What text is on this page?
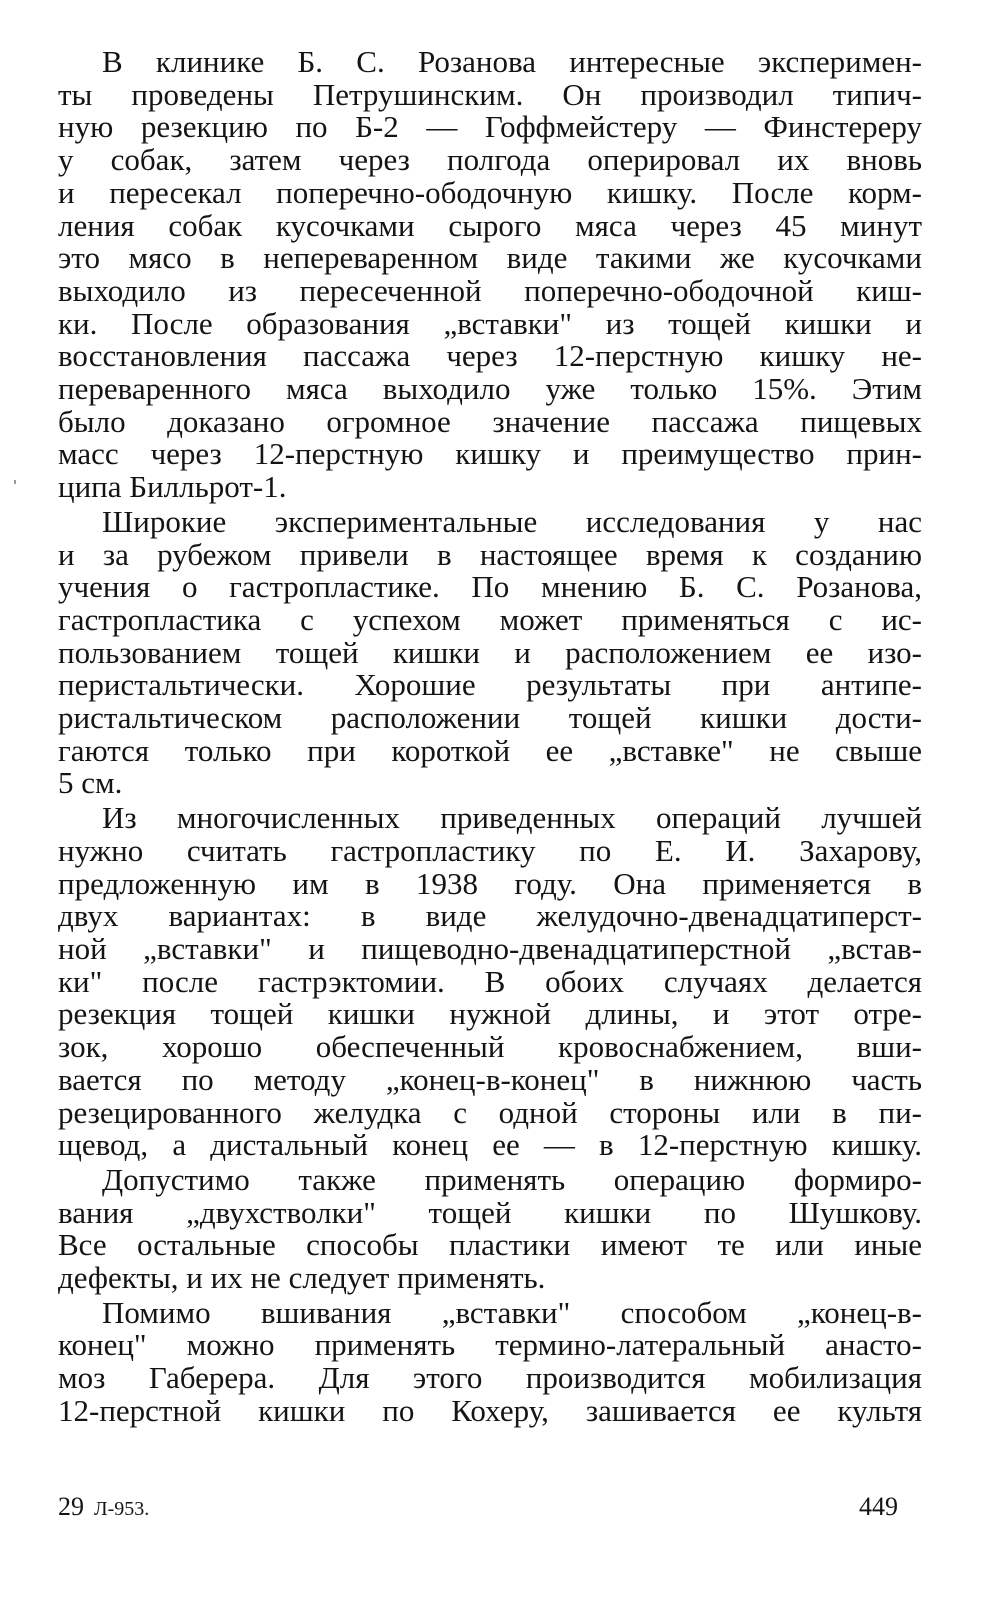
В клинике Б. С. Розанова интересные эксперимен-
ты проведены Петрушинским. Он производил типич-
ную резекцию по Б-2 — Гоффмейстеру — Финстереру
у собак, затем через полгода оперировал их вновь
и пересекал поперечно-ободочную кишку. После корм-
ления собак кусочками сырого мяса через 45 минут
это мясо в непереваренном виде такими же кусочками
выходило из пересеченной поперечно-ободочной киш-
ки. После образования „вставки" из тощей кишки и
восстановления пассажа через 12-перстную кишку не-
переваренного мяса выходило уже только 15%. Этим
было доказано огромное значение пассажа пищевых
масс через 12-перстную кишку и преимущество прин-
ципа Билльрот-1.
Широкие экспериментальные исследования у нас
и за рубежом привели в настоящее время к созданию
учения о гастропластике. По мнению Б. С. Розанова,
гастропластика с успехом может применяться с ис-
пользованием тощей кишки и расположением ее изо-
перистальтически. Хорошие результаты при антипе-
ристальтическом расположении тощей кишки дости-
гаются только при короткой ее „вставке" не свыше
5 см.
Из многочисленных приведенных операций лучшей
нужно считать гастропластику по Е. И. Захарову,
предложенную им в 1938 году. Она применяется в
двух вариантах: в виде желудочно-двенадцатиперст-
ной „вставки" и пищеводно-двенадцатиперстной „встав-
ки" после гастрэктомии. В обоих случаях делается
резекция тощей кишки нужной длины, и этот отре-
зок, хорошо обеспеченный кровоснабжением, вши-
вается по методу „конец-в-конец" в нижнюю часть
резецированного желудка с одной стороны или в пи-
щевод, а дистальный конец ее — в 12-перстную кишку.
Допустимо также применять операцию формиро-
вания „двухстволки" тощей кишки по Шушкову.
Все остальные способы пластики имеют те или иные
дефекты, и их не следует применять.
Помимо вшивания „вставки" способом „конец-в-
конец" можно применять термино-латеральный анасто-
моз Габерера. Для этого производится мобилизация
12-перстной кишки по Кохеру, зашивается ее культя
29 Л-953.	449
